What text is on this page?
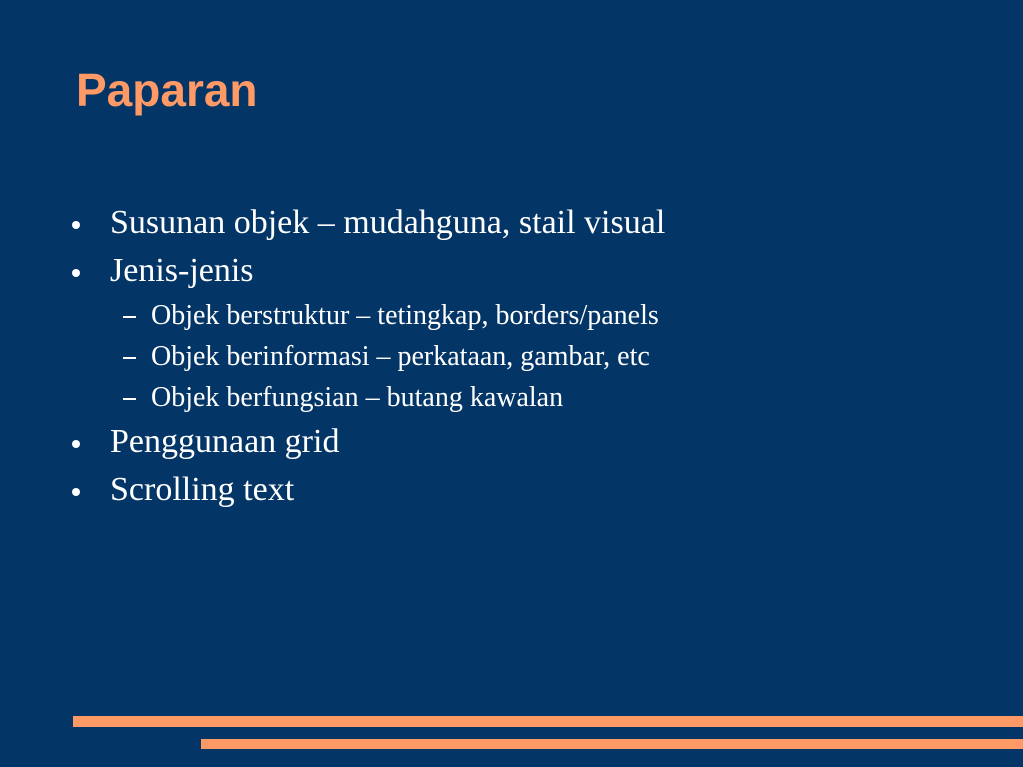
Paparan
Susunan objek – mudahguna, stail visual
Jenis-jenis
Objek berstruktur – tetingkap, borders/panels
Objek berinformasi – perkataan, gambar, etc
Objek berfungsian – butang kawalan
Penggunaan grid
Scrolling text
